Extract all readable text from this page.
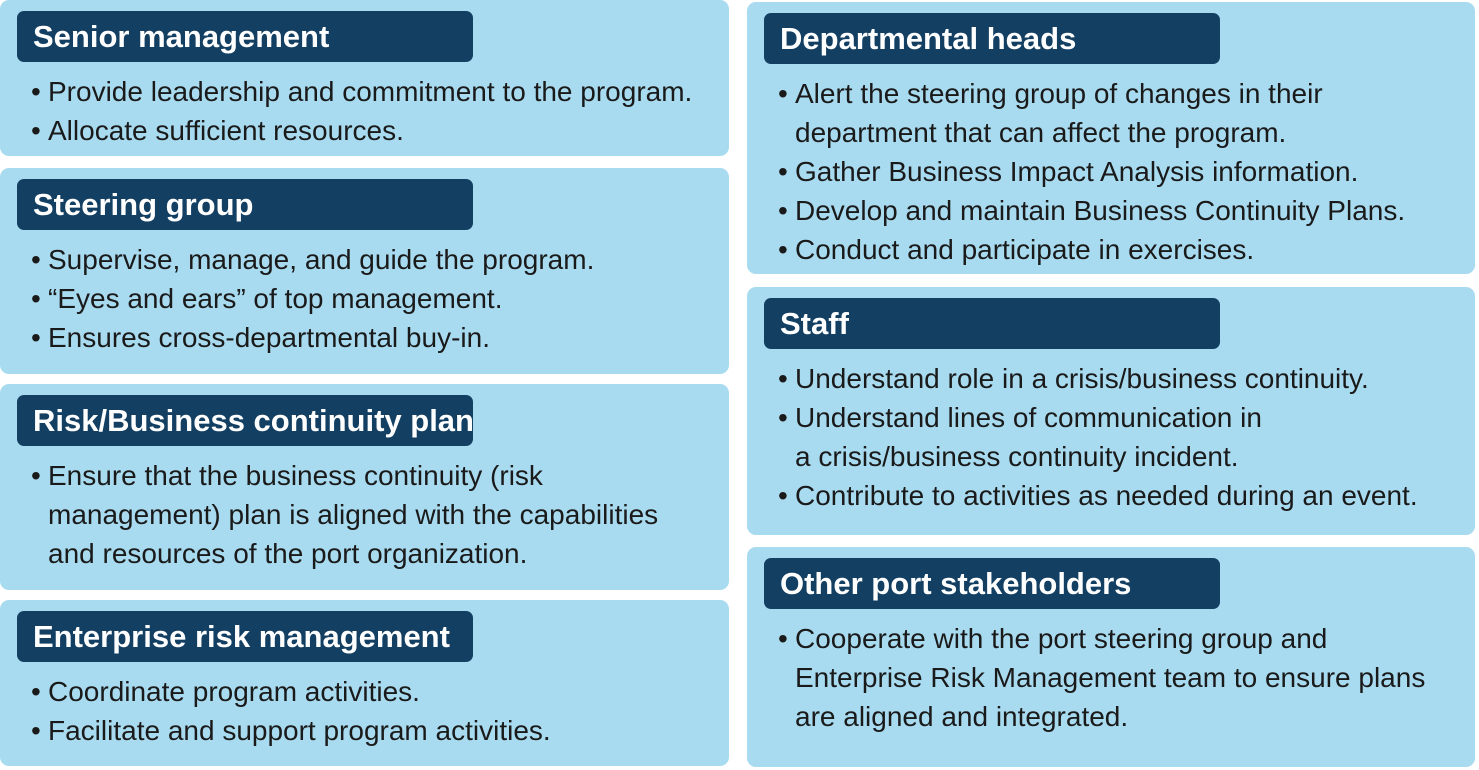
Senior management
• Provide leadership and commitment to the program.
• Allocate sufficient resources.
Steering group
• Supervise, manage, and guide the program.
• “Eyes and ears” of top management.
• Ensures cross-departmental buy-in.
Risk/Business continuity plan
• Ensure that the business continuity (risk management) plan is aligned with the capabilities and resources of the port organization.
Enterprise risk management
• Coordinate program activities.
• Facilitate and support program activities.
Departmental heads
• Alert the steering group of changes in their department that can affect the program.
• Gather Business Impact Analysis information.
• Develop and maintain Business Continuity Plans.
• Conduct and participate in exercises.
Staff
• Understand role in a crisis/business continuity.
• Understand lines of communication in a crisis/business continuity incident.
• Contribute to activities as needed during an event.
Other port stakeholders
• Cooperate with the port steering group and Enterprise Risk Management team to ensure plans are aligned and integrated.
